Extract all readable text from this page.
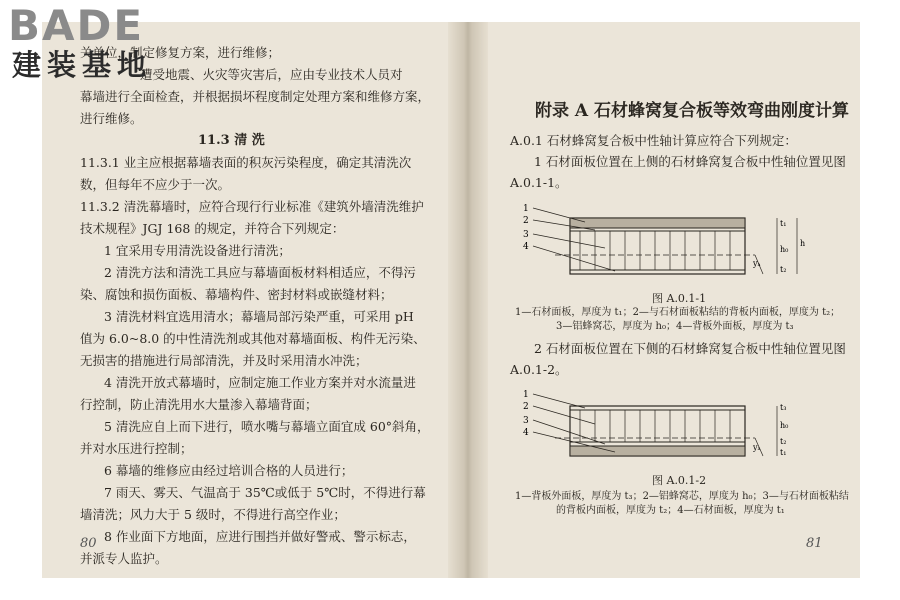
关单位，制定修复方案，进行维修；
遭受地震、火灾等灾害后，应由专业技术人员对
幕墙进行全面检查，并根据损坏程度制定处理方案和维修方案，
进行维修。
11.3 清 洗
11.3.1 业主应根据幕墙表面的积灰污染程度，确定其清洗次
数，但每年不应少于一次。
11.3.2 清洗幕墙时，应符合现行行业标准《建筑外墙清洗维护
技术规程》JGJ 168 的规定，并符合下列规定：
1 宜采用专用清洗设备进行清洗；
2 清洗方法和清洗工具应与幕墙面板材料相适应，不得污
染、腐蚀和损伤面板、幕墙构件、密封材料或嵌缝材料；
3 清洗材料宜选用清水；幕墙局部污染严重，可采用 pH
值为 6.0~8.0 的中性清洗剂或其他对幕墙面板、构件无污染、
无损害的措施进行局部清洗，并及时采用清水冲洗；
4 清洗开放式幕墙时，应制定施工作业方案并对水流量进
行控制，防止清洗用水大量渗入幕墙背面；
5 清洗应自上而下进行，喷水嘴与幕墙立面宜成 60°斜角，
并对水压进行控制；
6 幕墙的维修应由经过培训合格的人员进行；
7 雨天、雾天、气温高于 35℃或低于 5℃时，不得进行幕
墙清洗；风力大于 5 级时，不得进行高空作业；
8 作业面下方地面，应进行围挡并做好警戒、警示标志，
并派专人监护。
80
BADE
建装基地
附录 A 石材蜂窝复合板等效弯曲刚度计算
A.0.1 石材蜂窝复合板中性轴计算应符合下列规定：
1 石材面板位置在上侧的石材蜂窝复合板中性轴位置见图
A.0.1-1。
1
2
3
4
t₁
h₀
h
t₂
yₐ
图 A.0.1-1
1—石材面板，厚度为 t₁；2—与石材面板粘结的背板内面板，厚度为 t₂；
3—铝蜂窝芯，厚度为 h₀；4—背板外面板，厚度为 t₃
2 石材面板位置在下侧的石材蜂窝复合板中性轴位置见图
A.0.1-2。
1
2
3
4
t₃
h₀
t₂
t₁
yₐ
图 A.0.1-2
1—背板外面板，厚度为 t₃；2—铝蜂窝芯，厚度为 h₀；3—与石材面板粘结
的背板内面板，厚度为 t₂；4—石材面板，厚度为 t₁
81
